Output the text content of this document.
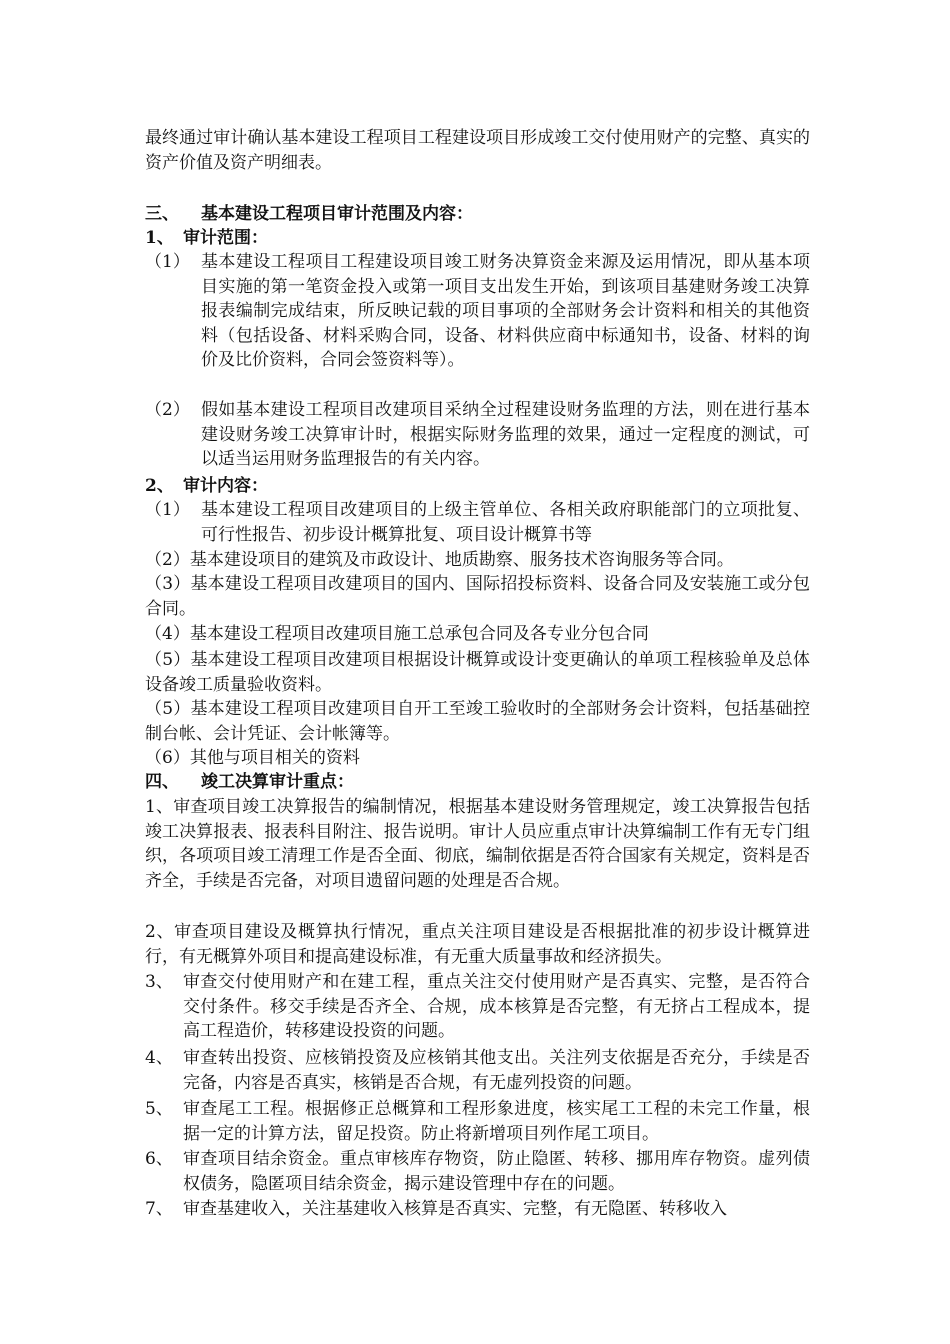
最终通过审计确认基本建设工程项目工程建设项目形成竣工交付使用财产的完整、真实的资产价值及资产明细表。

三、 基本建设工程项目审计范围及内容：
1、 审计范围：
（1） 基本建设工程项目工程建设项目竣工财务决算资金来源及运用情况，即从基本项目实施的第一笔资金投入或第一项目支出发生开始，到该项目基建财务竣工决算报表编制完成结束，所反映记载的项目事项的全部财务会计资料和相关的其他资料（包括设备、材料采购合同，设备、材料供应商中标通知书，设备、材料的询价及比价资料，合同会签资料等）。
（2） 假如基本建设工程项目改建项目采纳全过程建设财务监理的方法，则在进行基本建设财务竣工决算审计时，根据实际财务监理的效果，通过一定程度的测试，可以适当运用财务监理报告的有关内容。
2、 审计内容：
（1） 基本建设工程项目改建项目的上级主管单位、各相关政府职能部门的立项批复、可行性报告、初步设计概算批复、项目设计概算书等

（2）基本建设项目的建筑及市政设计、地质勘察、服务技术咨询服务等合同。

（3）基本建设工程项目改建项目的国内、国际招投标资料、设备合同及安装施工或分包合同。

（4）基本建设工程项目改建项目施工总承包合同及各专业分包合同

（5）基本建设工程项目改建项目根据设计概算或设计变更确认的单项工程核验单及总体设备竣工质量验收资料。

（5）基本建设工程项目改建项目自开工至竣工验收时的全部财务会计资料，包括基础控制台帐、会计凭证、会计帐簿等。

（6）其他与项目相关的资料

四、 竣工决算审计重点：

1、审查项目竣工决算报告的编制情况，根据基本建设财务管理规定，竣工决算报告包括竣工决算报表、报表科目附注、报告说明。审计人员应重点审计决算编制工作有无专门组织，各项项目竣工清理工作是否全面、彻底，编制依据是否符合国家有关规定，资料是否齐全，手续是否完备，对项目遗留问题的处理是否合规。

2、审查项目建设及概算执行情况，重点关注项目建设是否根据批准的初步设计概算进行，有无概算外项目和提高建设标准，有无重大质量事故和经济损失。

3、 审查交付使用财产和在建工程，重点关注交付使用财产是否真实、完整，是否符合交付条件。移交手续是否齐全、合规，成本核算是否完整，有无挤占工程成本，提高工程造价，转移建设投资的问题。
4、 审查转出投资、应核销投资及应核销其他支出。关注列支依据是否充分，手续是否完备，内容是否真实，核销是否合规，有无虚列投资的问题。
5、 审查尾工工程。根据修正总概算和工程形象进度，核实尾工工程的未完工作量，根据一定的计算方法，留足投资。防止将新增项目列作尾工项目。
6、 审查项目结余资金。重点审核库存物资，防止隐匿、转移、挪用库存物资。虚列债权债务，隐匿项目结余资金，揭示建设管理中存在的问题。
7、 审查基建收入，关注基建收入核算是否真实、完整，有无隐匿、转移收入
